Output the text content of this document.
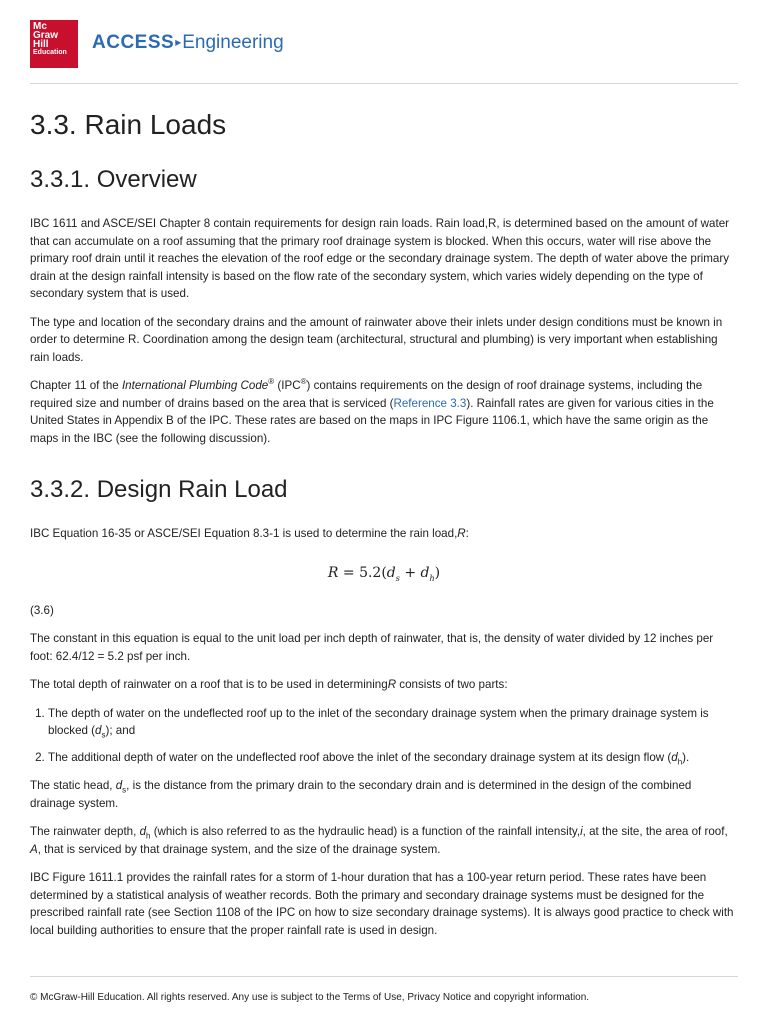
Mc
Graw
Hill
Education	ACCESS▸Engineering
3.3. Rain Loads
3.3.1. Overview

IBC 1611 and ASCE/SEI Chapter 8 contain requirements for design rain loads. Rain load,R, is determined based on the amount of water that can accumulate on a roof assuming that the primary roof drainage system is blocked. When this occurs, water will rise above the primary roof drain until it reaches the elevation of the roof edge or the secondary drainage system. The depth of water above the primary drain at the design rainfall intensity is based on the flow rate of the secondary system, which varies widely depending on the type of secondary system that is used.

The type and location of the secondary drains and the amount of rainwater above their inlets under design conditions must be known in order to determine R. Coordination among the design team (architectural, structural and plumbing) is very important when establishing rain loads.

Chapter 11 of the International Plumbing Code® (IPC®) contains requirements on the design of roof drainage systems, including the required size and number of drains based on the area that is serviced (Reference 3.3). Rainfall rates are given for various cities in the United States in Appendix B of the IPC. These rates are based on the maps in IPC Figure 1106.1, which have the same origin as the maps in the IBC (see the following discussion).

3.3.2. Design Rain Load

IBC Equation 16-35 or ASCE/SEI Equation 8.3-1 is used to determine the rain load,R:

$R = 5.2(d_s + d_h)$

(3.6)

The constant in this equation is equal to the unit load per inch depth of rainwater, that is, the density of water divided by 12 inches per foot: 62.4/12 = 5.2 psf per inch.

The total depth of rainwater on a roof that is to be used in determiningR consists of two parts:

1. The depth of water on the undeflected roof up to the inlet of the secondary drainage system when the primary drainage system is blocked $(d_s)$; and
2. The additional depth of water on the undeflected roof above the inlet of the secondary drainage system at its design flow $(d_h)$.

The static head, $d_s$, is the distance from the primary drain to the secondary drain and is determined in the design of the combined drainage system.

The rainwater depth, $d_h$ (which is also referred to as the hydraulic head) is a function of the rainfall intensity,i, at the site, the area of roof, A, that is serviced by that drainage system, and the size of the drainage system.

IBC Figure 1611.1 provides the rainfall rates for a storm of 1-hour duration that has a 100-year return period. These rates have been determined by a statistical analysis of weather records. Both the primary and secondary drainage systems must be designed for the prescribed rainfall rate (see Section 1108 of the IPC on how to size secondary drainage systems). It is always good practice to check with local building authorities to ensure that the proper rainfall rate is used in design.

© McGraw-Hill Education. All rights reserved. Any use is subject to the Terms of Use, Privacy Notice and copyright information.
